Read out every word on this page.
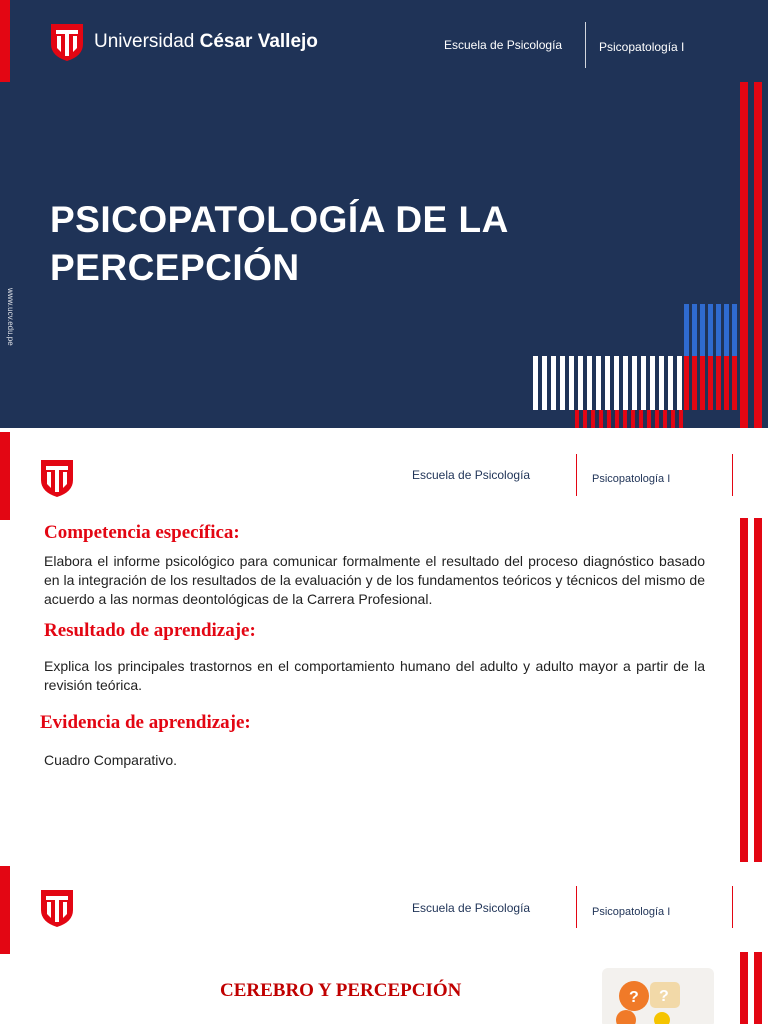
Universidad César Vallejo	Escuela de Psicología	Psicopatología I
PSICOPATOLOGÍA DE LA
PERCEPCIÓN
www.ucv.edu.pe
Escuela de Psicología	Psicopatología I
Competencia específica:

Elabora el informe psicológico para comunicar formalmente el resultado del proceso diagnóstico basado en la integración de los resultados de la evaluación y de los fundamentos teóricos y técnicos del mismo de acuerdo a las normas deontológicas de la Carrera Profesional.

Resultado de aprendizaje:

Explica los principales trastornos en el comportamiento humano del adulto y adulto mayor a partir de la revisión teórica.

Evidencia de aprendizaje:

Cuadro Comparativo.

Escuela de Psicología	Psicopatología I
CEREBRO Y PERCEPCIÓN	? ?
